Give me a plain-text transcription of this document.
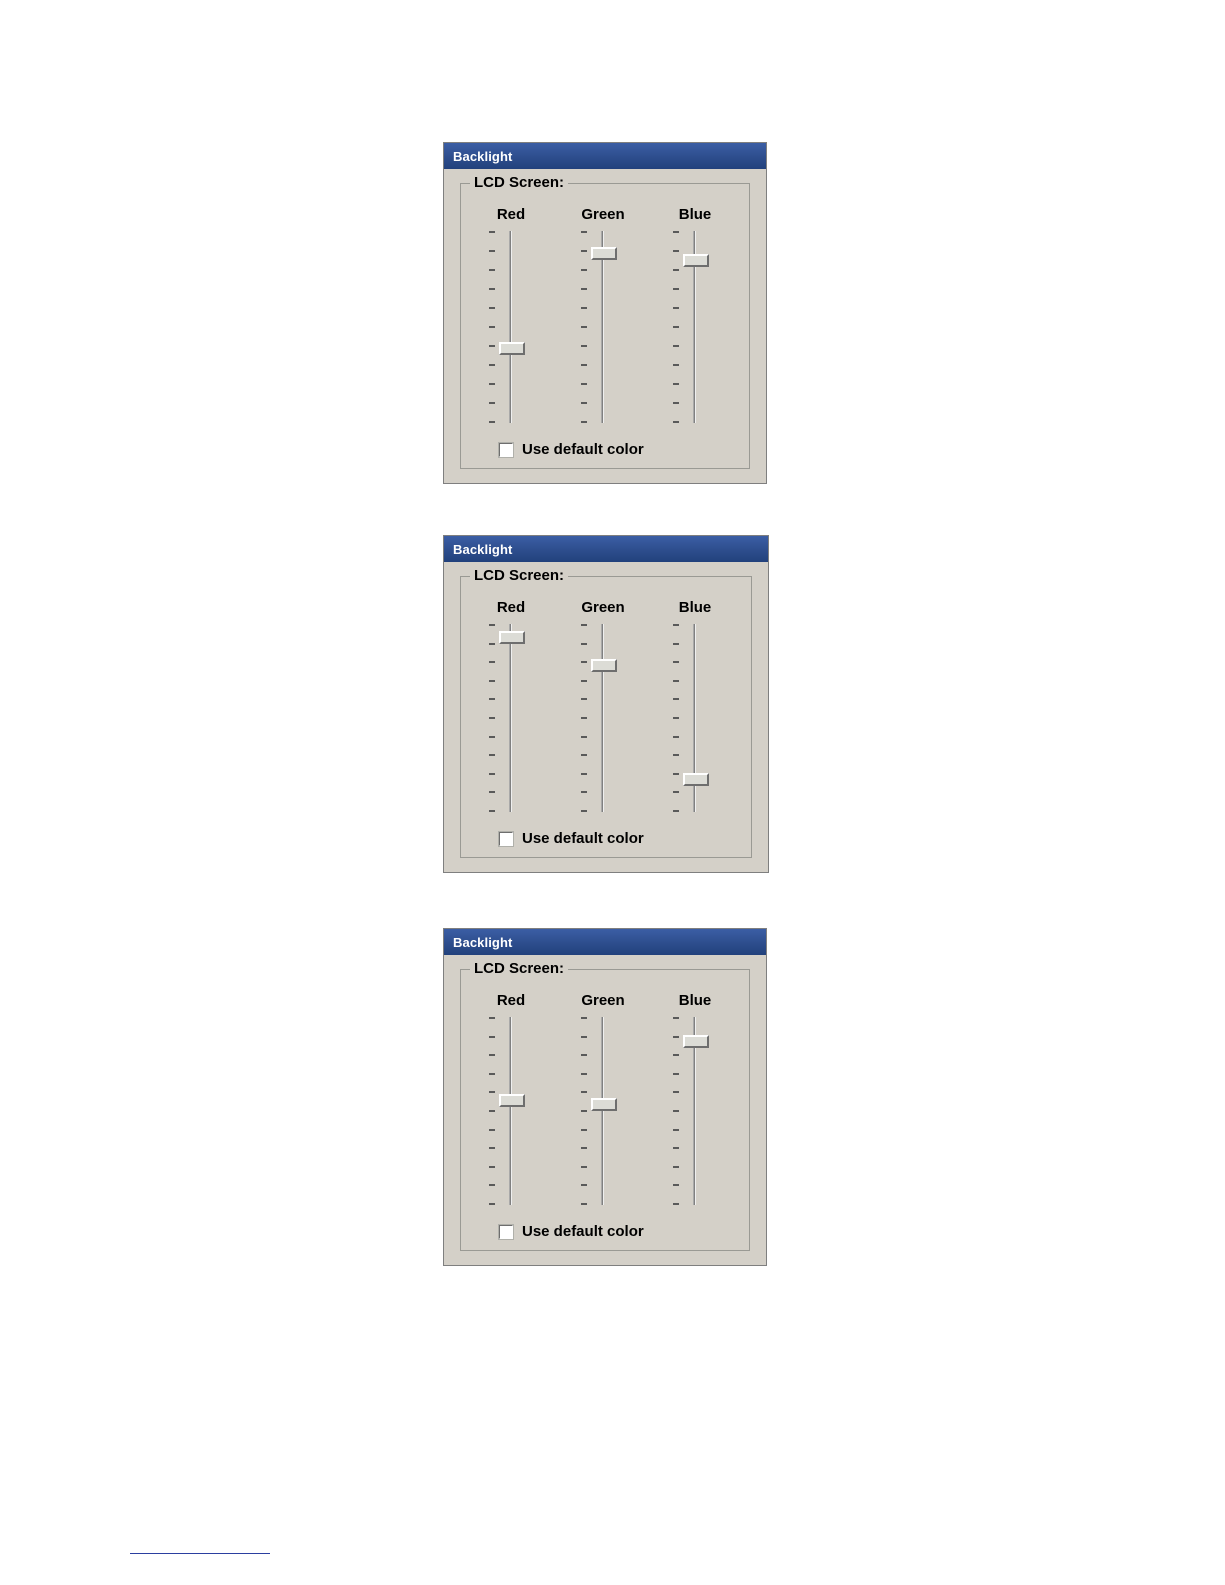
Backlight
LCD Screen:
Red	Green	Blue
Use default color
Backlight
LCD Screen:
Red	Green	Blue
Use default color
Backlight
LCD Screen:
Red	Green	Blue
Use default color
